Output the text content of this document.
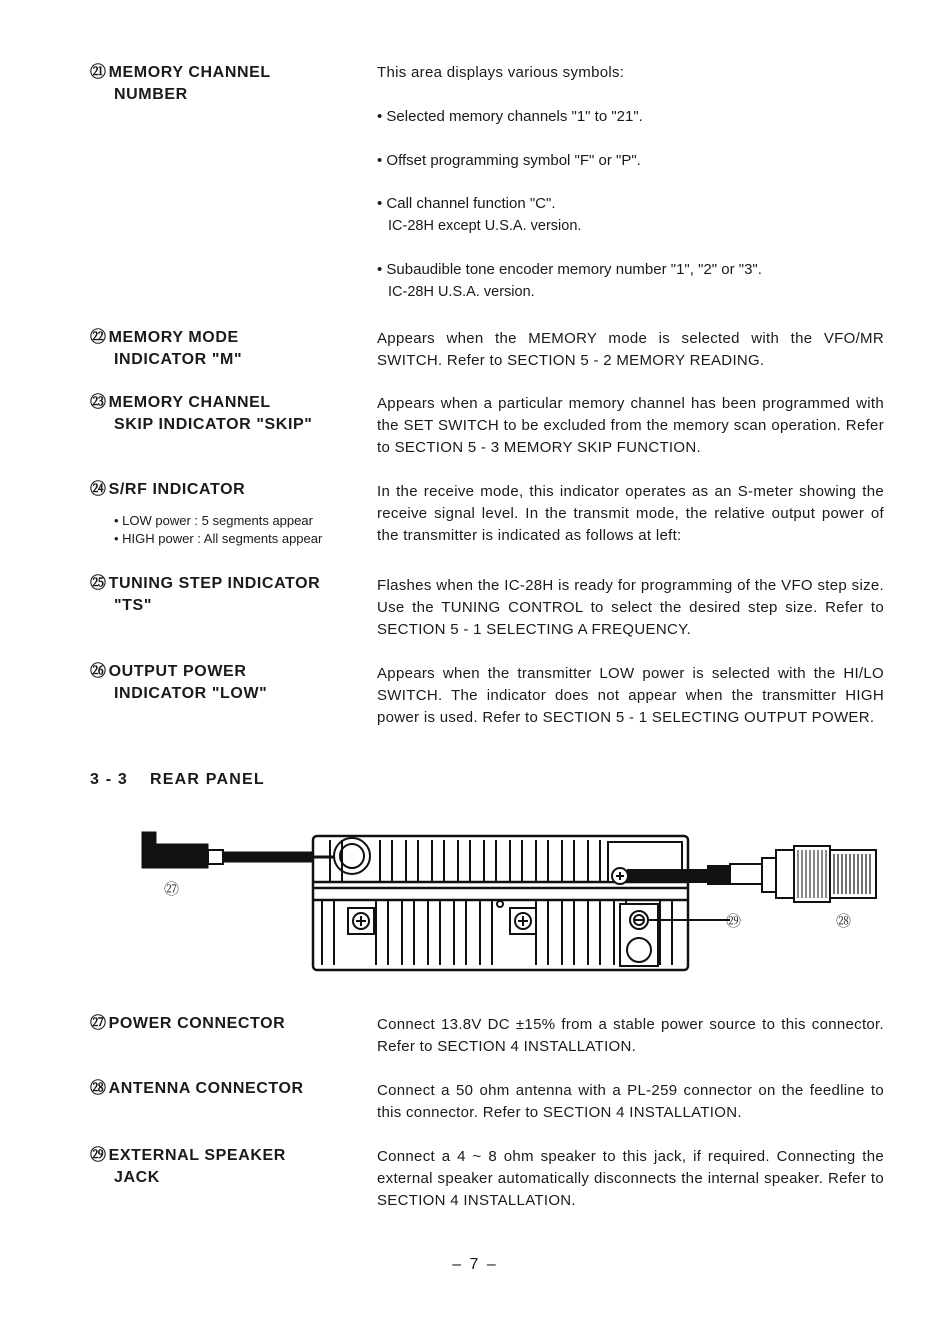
㉑ MEMORY CHANNEL
NUMBER
This area displays various symbols:
• Selected memory channels "1" to "21".
• Offset programming symbol "F" or "P".
• Call channel function "C".
IC-28H except U.S.A. version.
• Subaudible tone encoder memory number "1", "2" or "3".
IC-28H U.S.A. version.
㉒ MEMORY MODE
INDICATOR "M"
Appears when the MEMORY mode is selected with the VFO/MR SWITCH. Refer to SECTION 5 - 2 MEMORY READING.
㉓ MEMORY CHANNEL
SKIP INDICATOR "SKIP"
Appears when a particular memory channel has been programmed with the SET SWITCH to be excluded from the memory scan operation. Refer to SECTION 5 - 3 MEMORY SKIP FUNCTION.
㉔ S/RF INDICATOR
• LOW power : 5 segments appear
• HIGH power : All segments appear
In the receive mode, this indicator operates as an S-meter showing the receive signal level. In the transmit mode, the relative output power of the transmitter is indicated as follows at left:
㉕ TUNING STEP INDICATOR
"TS"
Flashes when the IC-28H is ready for programming of the VFO step size. Use the TUNING CONTROL to select the desired step size. Refer to SECTION 5 - 1 SELECTING A FREQUENCY.
㉖ OUTPUT POWER
INDICATOR "LOW"
Appears when the transmitter LOW power is selected with the HI/LO SWITCH. The indicator does not appear when the transmitter HIGH power is used. Refer to SECTION 5 - 1 SELECTING OUTPUT POWER.
3 - 3 REAR PANEL
㉗
㉙	㉘
㉗ POWER CONNECTOR	Connect 13.8V DC ±15% from a stable power source to this connector. Refer to SECTION 4 INSTALLATION.
㉘ ANTENNA CONNECTOR	Connect a 50 ohm antenna with a PL-259 connector on the feedline to this connector. Refer to SECTION 4 INSTALLATION.
㉙ EXTERNAL SPEAKER
JACK
Connect a 4 ~ 8 ohm speaker to this jack, if required. Connecting the external speaker automatically disconnects the internal speaker. Refer to SECTION 4 INSTALLATION.
– 7 –
